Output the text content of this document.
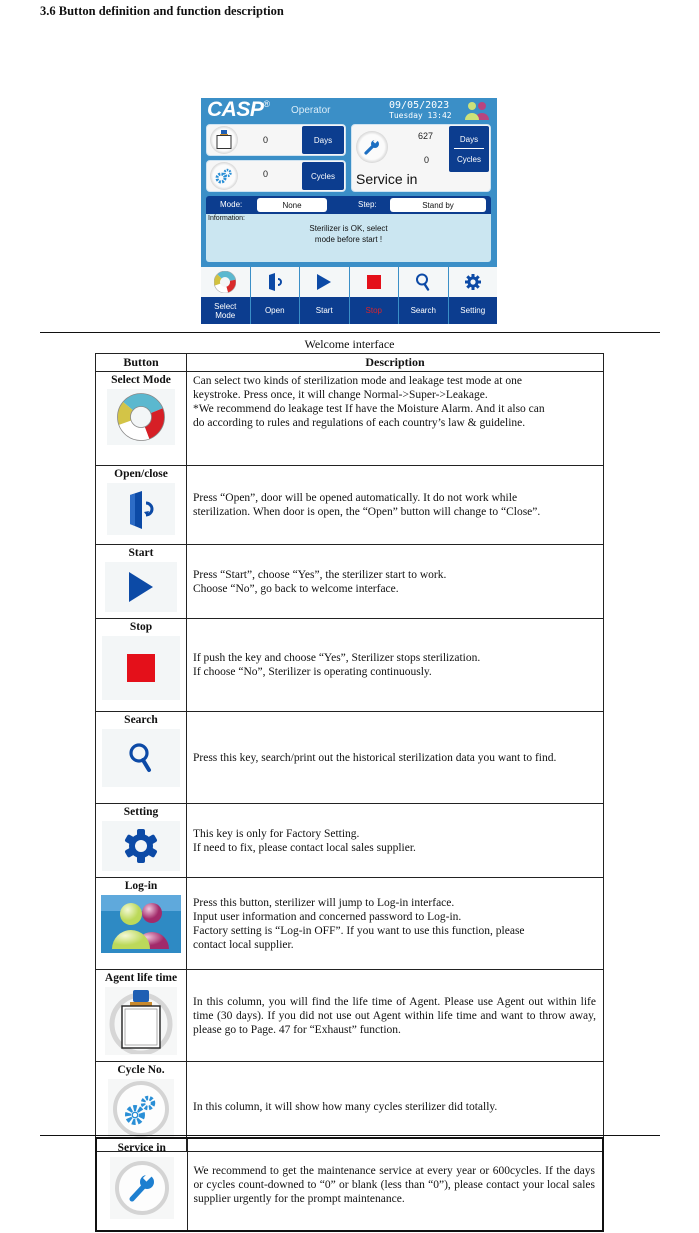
3.6 Button definition and function description
CASP®
Operator	09/05/2023
Tuesday 13:42
0	Days
0	Cycles
627
0
Days
Cycles
Service in
Mode:	None	Step:	Stand by
Information:
Sterilizer is OK, select
mode before start !
Select
Mode	Open	Start	Stop	Search	Setting
Welcome interface
Button	Description

Select Mode	Can select two kinds of sterilization mode and leakage test mode at one
keystroke. Press once, it will change Normal->Super->Leakage.
*We recommend do leakage test If have the Moisture Alarm. And it also can
do according to rules and regulations of each country’s law & guideline.

Open/close	Press “Open”, door will be opened automatically. It do not work while
sterilization. When door is open, the “Open” button will change to “Close”.

Start	Press “Start”, choose “Yes”, the sterilizer start to work.
Choose “No”, go back to welcome interface.

Stop	If push the key and choose “Yes”, Sterilizer stops sterilization.
If choose “No”, Sterilizer is operating continuously.

Search	Press this key, search/print out the historical sterilization data you want to find.

Setting	This key is only for Factory Setting.
If need to fix, please contact local sales supplier.

Log-in	Press this button, sterilizer will jump to Log-in interface.
Input user information and concerned password to Log-in.
Factory setting is “Log-in OFF”. If you want to use this function, please
contact local supplier.

Agent life time	In this column, you will find the life time of Agent. Please use Agent out within life time (30 days). If you did not use out Agent within life time and want to throw away, please go to Page. 47 for “Exhaust” function.

Cycle No.	In this column, it will show how many cycles sterilizer did totally.
Service in
	We recommend to get the maintenance service at every year or 600cycles. If the days or cycles count-downed to “0” or blank (less than “0”), please contact your local sales supplier urgently for the prompt maintenance.
